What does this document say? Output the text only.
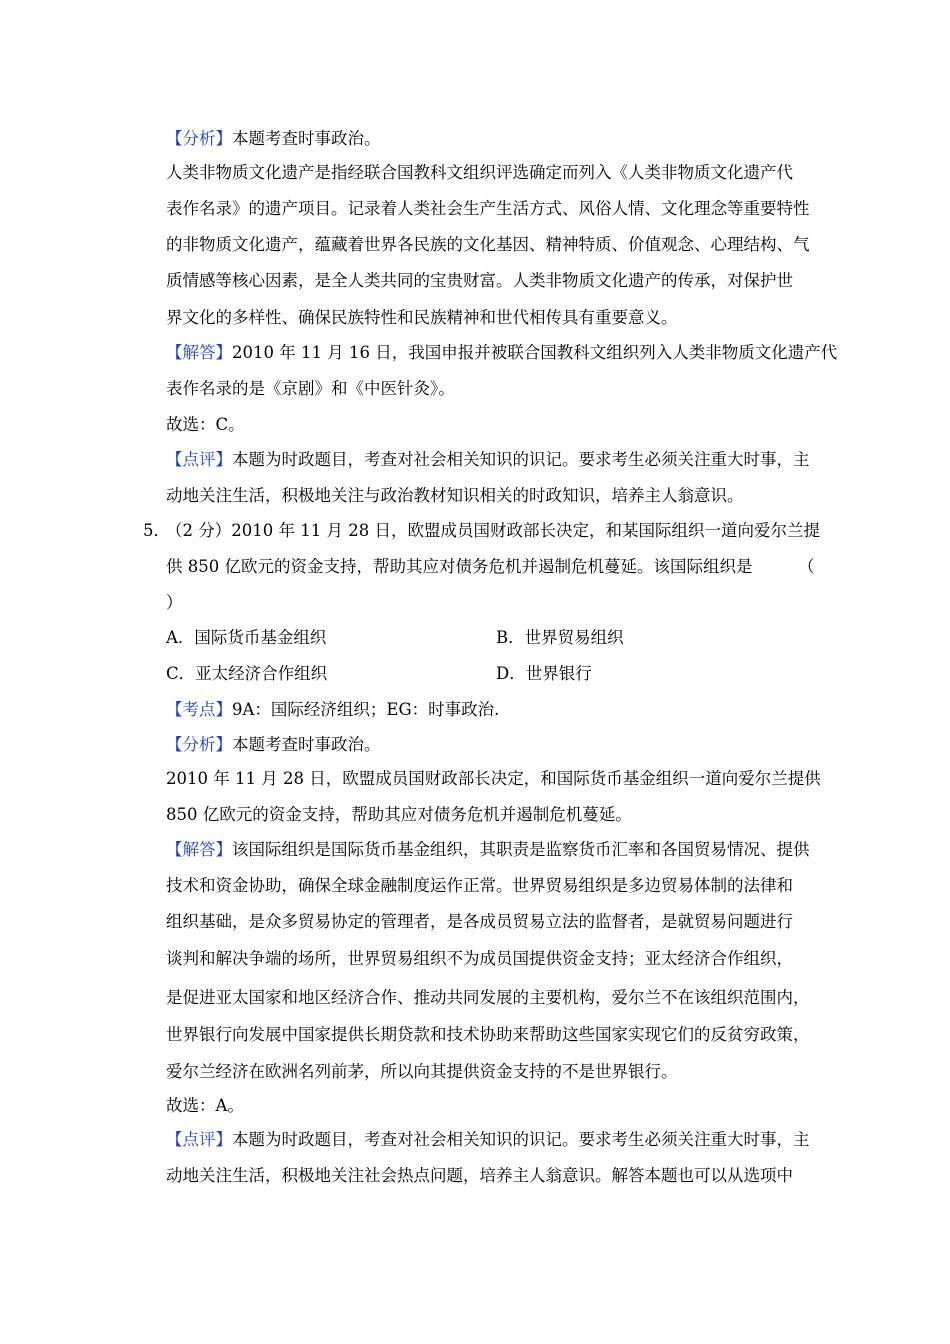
【分析】本题考查时事政治。
人类非物质文化遗产是指经联合国教科文组织评选确定而列入《人类非物质文化遗产代
表作名录》的遗产项目。记录着人类社会生产生活方式、风俗人情、文化理念等重要特性
的非物质文化遗产，蕴藏着世界各民族的文化基因、精神特质、价值观念、心理结构、气
质情感等核心因素，是全人类共同的宝贵财富。人类非物质文化遗产的传承，对保护世
界文化的多样性、确保民族特性和民族精神和世代相传具有重要意义。
【解答】2010 年 11 月 16 日，我国申报并被联合国教科文组织列入人类非物质文化遗产代
表作名录的是《京剧》和《中医针灸》。
故选：C。
【点评】本题为时政题目，考查对社会相关知识的识记。要求考生必须关注重大时事，主
动地关注生活，积极地关注与政治教材知识相关的时政知识，培养主人翁意识。
5．
（2 分）2010 年 11 月 28 日，欧盟成员国财政部长决定，和某国际组织一道向爱尔兰提
供 850 亿欧元的资金支持，帮助其应对债务危机并遏制危机蔓延。该国际组织是	（
）
A．国际货币基金组织	B．世界贸易组织
C．亚太经济合作组织	D．世界银行
【考点】9A：国际经济组织；EG：时事政治.
【分析】本题考查时事政治。
2010 年 11 月 28 日，欧盟成员国财政部长决定，和国际货币基金组织一道向爱尔兰提供
850 亿欧元的资金支持，帮助其应对债务危机并遏制危机蔓延。
【解答】该国际组织是国际货币基金组织，其职责是监察货币汇率和各国贸易情况、提供
技术和资金协助，确保全球金融制度运作正常。世界贸易组织是多边贸易体制的法律和
组织基础，是众多贸易协定的管理者，是各成员贸易立法的监督者，是就贸易问题进行
谈判和解决争端的场所，世界贸易组织不为成员国提供资金支持；亚太经济合作组织，
是促进亚太国家和地区经济合作、推动共同发展的主要机构，爱尔兰不在该组织范围内，
世界银行向发展中国家提供长期贷款和技术协助来帮助这些国家实现它们的反贫穷政策，
爱尔兰经济在欧洲名列前茅，所以向其提供资金支持的不是世界银行。
故选：A。
【点评】本题为时政题目，考查对社会相关知识的识记。要求考生必须关注重大时事，主
动地关注生活，积极地关注社会热点问题，培养主人翁意识。解答本题也可以从选项中
